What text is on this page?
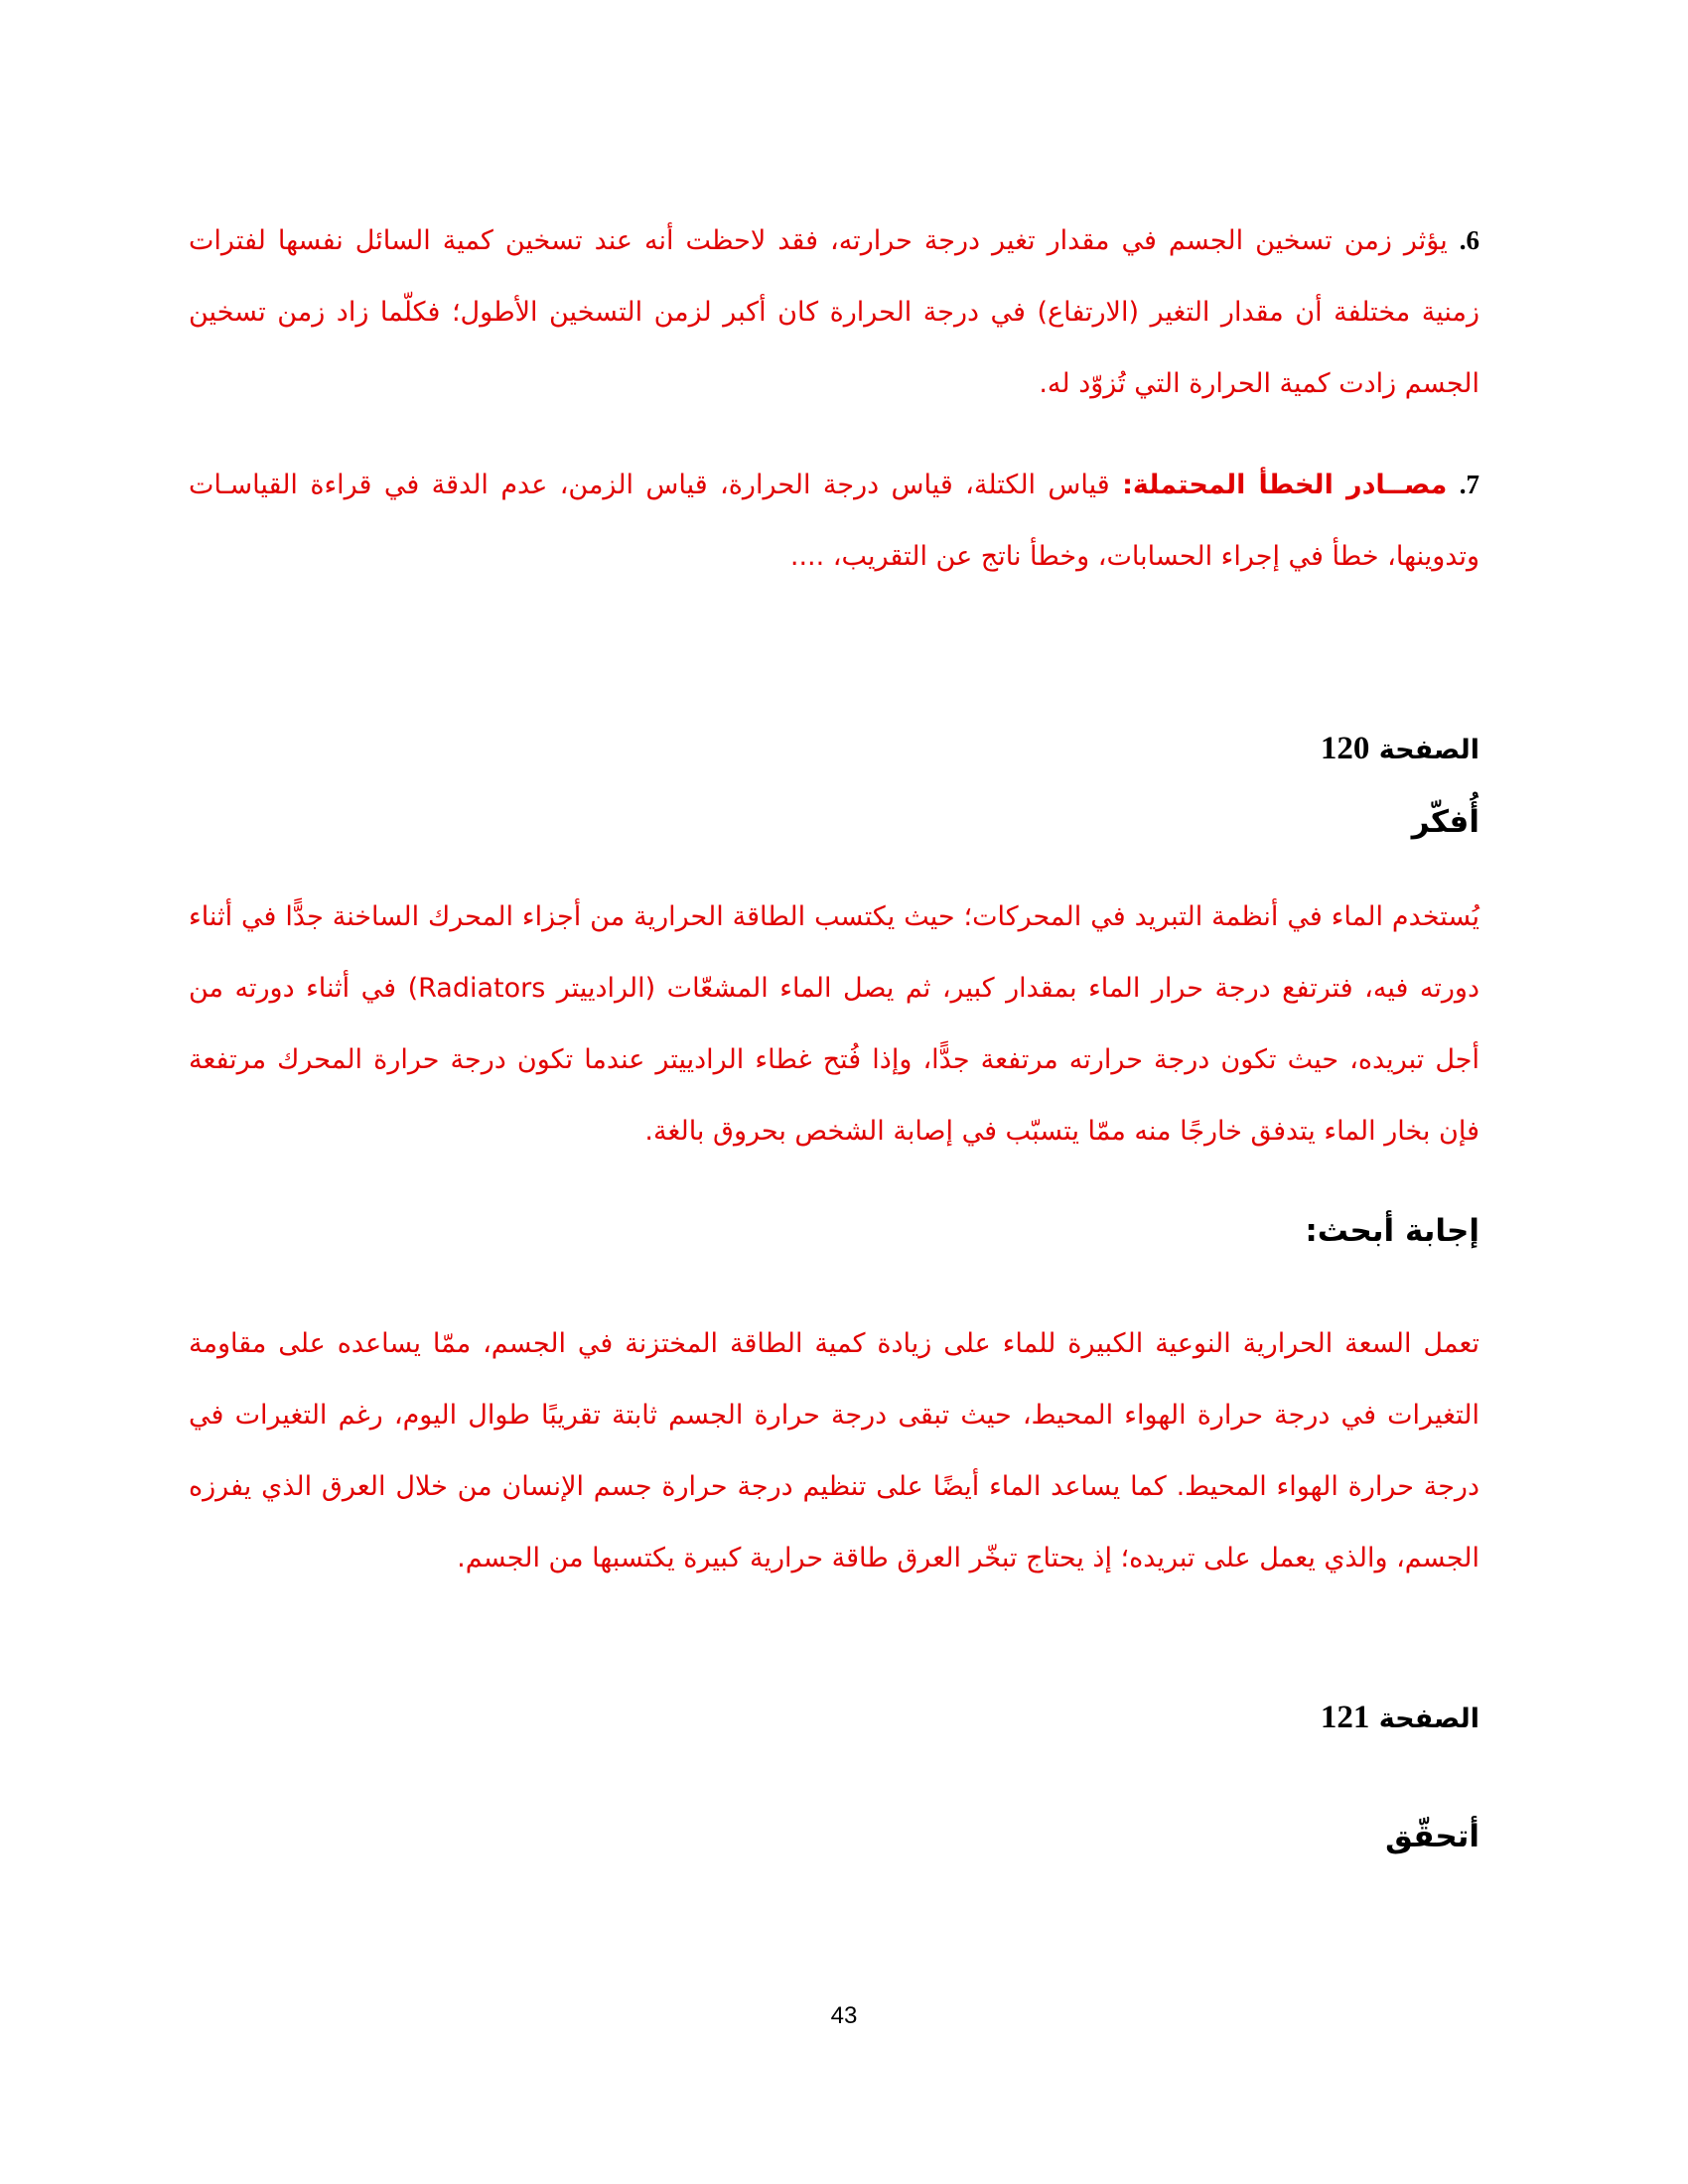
6. يؤثر زمن تسخين الجسم في مقدار تغير درجة حرارته، فقد لاحظت أنه عند تسخين كمية السائل نفسها لفترات زمنية مختلفة أن مقدار التغير (الارتفاع) في درجة الحرارة كان أكبر لزمن التسخين الأطول؛ فكلّما زاد زمن تسخين الجسم زادت كمية الحرارة التي تُزوّد له.

7. مصــادر الخطأ المحتملة: قياس الكتلة، قياس درجة الحرارة، قياس الزمن، عدم الدقة في قراءة القياسـات وتدوينها، خطأ في إجراء الحسابات، وخطأ ناتج عن التقريب، ....

الصفحة 120

أُفكّر

يُستخدم الماء في أنظمة التبريد في المحركات؛ حيث يكتسب الطاقة الحرارية من أجزاء المحرك الساخنة جدًّا في أثناء دورته فيه، فترتفع درجة حرار الماء بمقدار كبير، ثم يصل الماء المشعّات (الرادييتر Radiators) في أثناء دورته من أجل تبريده، حيث تكون درجة حرارته مرتفعة جدًّا، وإذا فُتح غطاء الرادييتر عندما تكون درجة حرارة المحرك مرتفعة فإن بخار الماء يتدفق خارجًا منه ممّا يتسبّب في إصابة الشخص بحروق بالغة.

إجابة أبحث:

تعمل السعة الحرارية النوعية الكبيرة للماء على زيادة كمية الطاقة المختزنة في الجسم، ممّا يساعده على مقاومة التغيرات في درجة حرارة الهواء المحيط، حيث تبقى درجة حرارة الجسم ثابتة تقريبًا طوال اليوم، رغم التغيرات في درجة حرارة الهواء المحيط. كما يساعد الماء أيضًا على تنظيم درجة حرارة جسم الإنسان من خلال العرق الذي يفرزه الجسم، والذي يعمل على تبريده؛ إذ يحتاج تبخّر العرق طاقة حرارية كبيرة يكتسبها من الجسم.

الصفحة 121

أتحقّق

43
